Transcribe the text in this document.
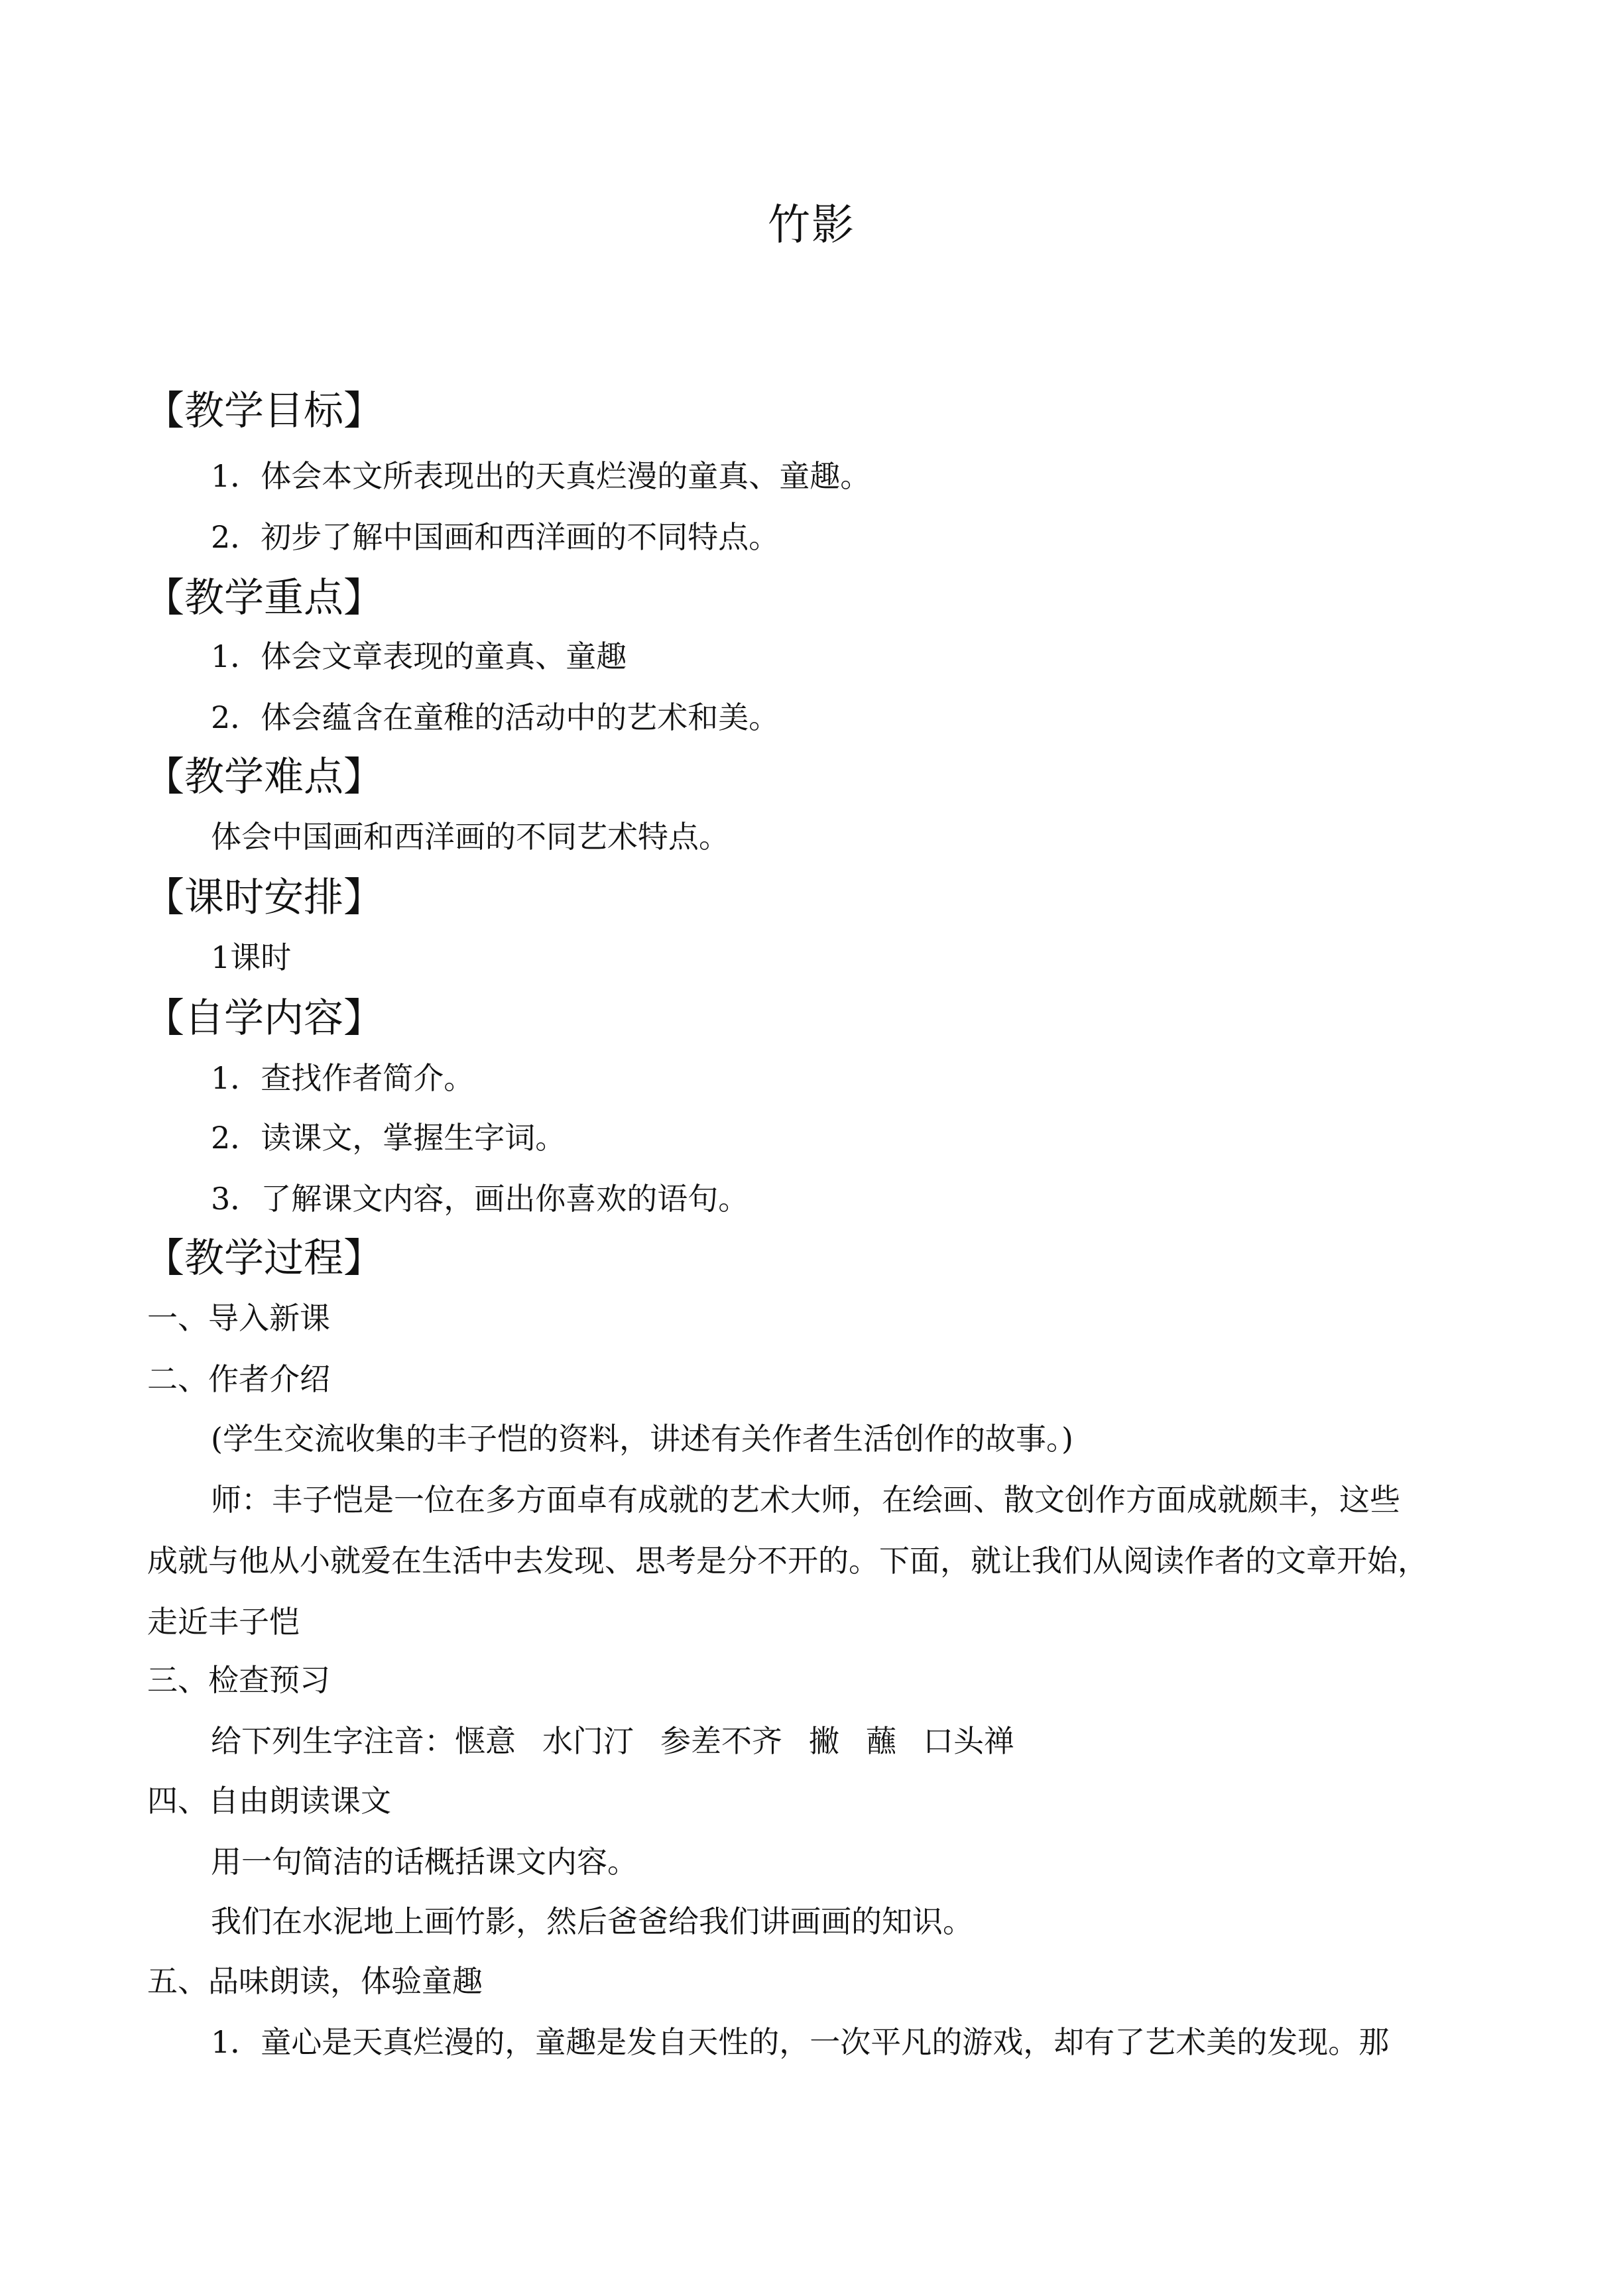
竹影
【教学目标】
1．体会本文所表现出的天真烂漫的童真、童趣。
2．初步了解中国画和西洋画的不同特点。
【教学重点】
1．体会文章表现的童真、童趣
2．体会蕴含在童稚的活动中的艺术和美。
【教学难点】
体会中国画和西洋画的不同艺术特点。
【课时安排】
1课时
【自学内容】
1．查找作者简介。
2．读课文，掌握生字词。
3．了解课文内容，画出你喜欢的语句。
【教学过程】
一、导入新课
二、作者介绍
(学生交流收集的丰子恺的资料，讲述有关作者生活创作的故事。)
师：丰子恺是一位在多方面卓有成就的艺术大师，在绘画、散文创作方面成就颇丰，这些
成就与他从小就爱在生活中去发现、思考是分不开的。下面，就让我们从阅读作者的文章开始，
走近丰子恺
三、检查预习
给下列生字注音：惬意 水门汀 参差不齐 撇 蘸 口头禅
四、自由朗读课文
用一句简洁的话概括课文内容。
我们在水泥地上画竹影，然后爸爸给我们讲画画的知识。
五、品味朗读，体验童趣
1．童心是天真烂漫的，童趣是发自天性的，一次平凡的游戏，却有了艺术美的发现。那
